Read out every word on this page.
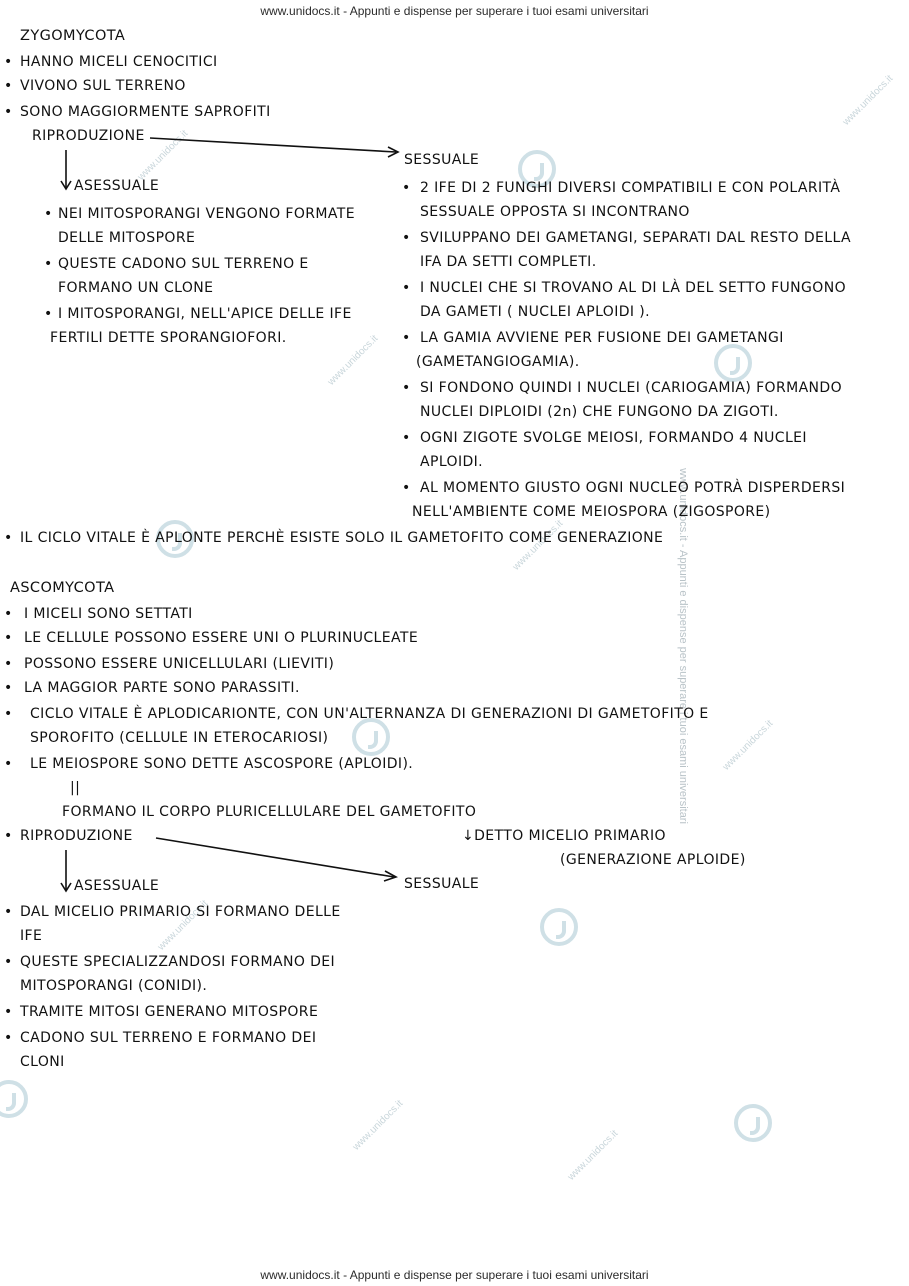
www.unidocs.it - Appunti e dispense per superare i tuoi esami universitari
www.unidocs.it - Appunti e dispense per superare i tuoi esami universitari
www.unidocs.it - Appunti e dispense per superare i tuoi esami universitari
www.unidocs.it
www.unidocs.it
www.unidocs.it
www.unidocs.it
www.unidocs.it
www.unidocs.it
www.unidocs.it
www.unidocs.it
ZYGOMYCOTA
• HANNO MICELI CENOCITICI
• VIVONO SUL TERRENO
• SONO MAGGIORMENTE SAPROFITI
RIPRODUZIONE
ASESSUALE
SESSUALE
• NEI MITOSPORANGI VENGONO FORMATE
DELLE MITOSPORE
• QUESTE CADONO SUL TERRENO E
FORMANO UN CLONE
• I MITOSPORANGI, NELL'APICE DELLE IFE
FERTILI DETTE SPORANGIOFORI.
• 2 IFE DI 2 FUNGHI DIVERSI COMPATIBILI E CON POLARITÀ
SESSUALE OPPOSTA SI INCONTRANO
• SVILUPPANO DEI GAMETANGI, SEPARATI DAL RESTO DELLA
IFA DA SETTI COMPLETI.
• I NUCLEI CHE SI TROVANO AL DI LÀ DEL SETTO FUNGONO
DA GAMETI ( NUCLEI APLOIDI ).
• LA GAMIA AVVIENE PER FUSIONE DEI GAMETANGI
(GAMETANGIOGAMIA).
• SI FONDONO QUINDI I NUCLEI (CARIOGAMIA) FORMANDO
NUCLEI DIPLOIDI (2n) CHE FUNGONO DA ZIGOTI.
• OGNI ZIGOTE SVOLGE MEIOSI, FORMANDO 4 NUCLEI
APLOIDI.
• AL MOMENTO GIUSTO OGNI NUCLEO POTRÀ DISPERDERSI
NELL'AMBIENTE COME MEIOSPORA (ZIGOSPORE)
• IL CICLO VITALE È APLONTE PERCHÈ ESISTE SOLO IL GAMETOFITO COME GENERAZIONE
ASCOMYCOTA
• I MICELI SONO SETTATI
• LE CELLULE POSSONO ESSERE UNI O PLURINUCLEATE
• POSSONO ESSERE UNICELLULARI (LIEVITI)
• LA MAGGIOR PARTE SONO PARASSITI.
• CICLO VITALE È APLODICARIONTE, CON UN'ALTERNANZA DI GENERAZIONI DI GAMETOFITO E
SPOROFITO (CELLULE IN ETEROCARIOSI)
• LE MEIOSPORE SONO DETTE ASCOSPORE (APLOIDI).
||
FORMANO IL CORPO PLURICELLULARE DEL GAMETOFITO
↓DETTO MICELIO PRIMARIO
(GENERAZIONE APLOIDE)
• RIPRODUZIONE
ASESSUALE	SESSUALE
• DAL MICELIO PRIMARIO SI FORMANO DELLE
IFE
• QUESTE SPECIALIZZANDOSI FORMANO DEI
MITOSPORANGI (CONIDI).
• TRAMITE MITOSI GENERANO MITOSPORE
• CADONO SUL TERRENO E FORMANO DEI
CLONI
